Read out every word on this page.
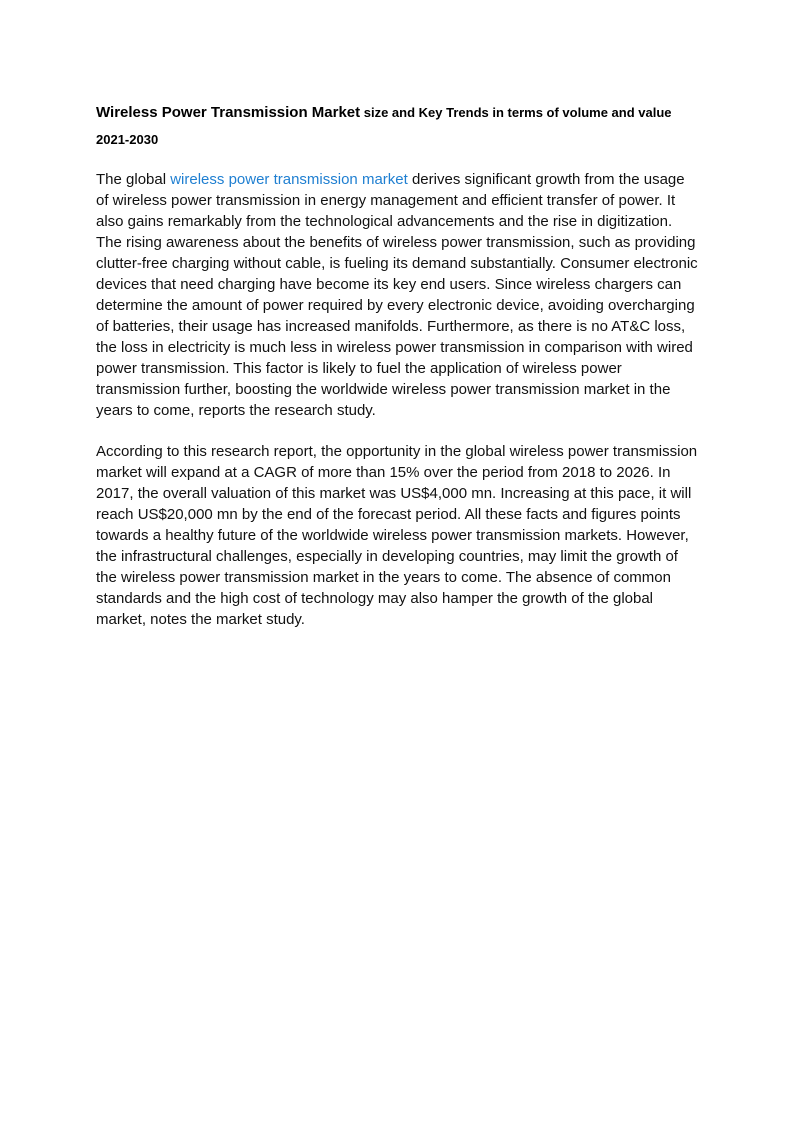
Wireless Power Transmission Market size and Key Trends in terms of volume and value 2021-2030

The global wireless power transmission market derives significant growth from the usage of wireless power transmission in energy management and efficient transfer of power. It also gains remarkably from the technological advancements and the rise in digitization. The rising awareness about the benefits of wireless power transmission, such as providing clutter-free charging without cable, is fueling its demand substantially. Consumer electronic devices that need charging have become its key end users. Since wireless chargers can determine the amount of power required by every electronic device, avoiding overcharging of batteries, their usage has increased manifolds. Furthermore, as there is no AT&C loss, the loss in electricity is much less in wireless power transmission in comparison with wired power transmission. This factor is likely to fuel the application of wireless power transmission further, boosting the worldwide wireless power transmission market in the years to come, reports the research study.

According to this research report, the opportunity in the global wireless power transmission market will expand at a CAGR of more than 15% over the period from 2018 to 2026. In 2017, the overall valuation of this market was US$4,000 mn. Increasing at this pace, it will reach US$20,000 mn by the end of the forecast period. All these facts and figures points towards a healthy future of the worldwide wireless power transmission markets. However, the infrastructural challenges, especially in developing countries, may limit the growth of the wireless power transmission market in the years to come. The absence of common standards and the high cost of technology may also hamper the growth of the global market, notes the market study.
